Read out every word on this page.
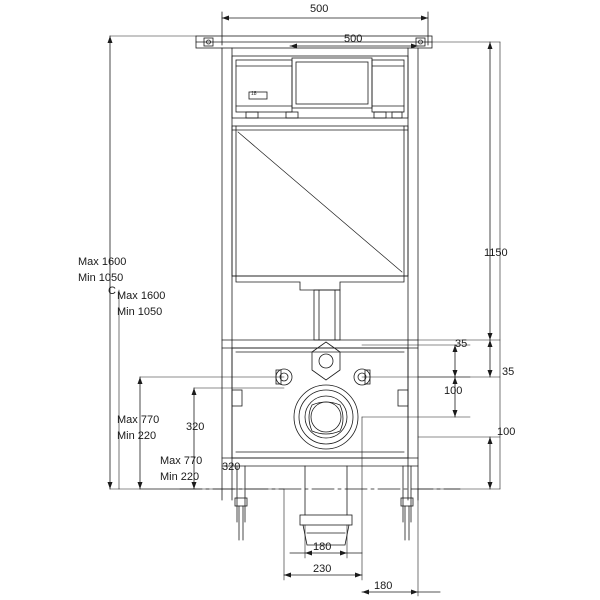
500
500
1150
35
100
35
100
Max 1600
Min 1050
C Max 1600
Min 1050
Max 770
Min 220
320
Max 770
Min 220
320
180
230
180
18
